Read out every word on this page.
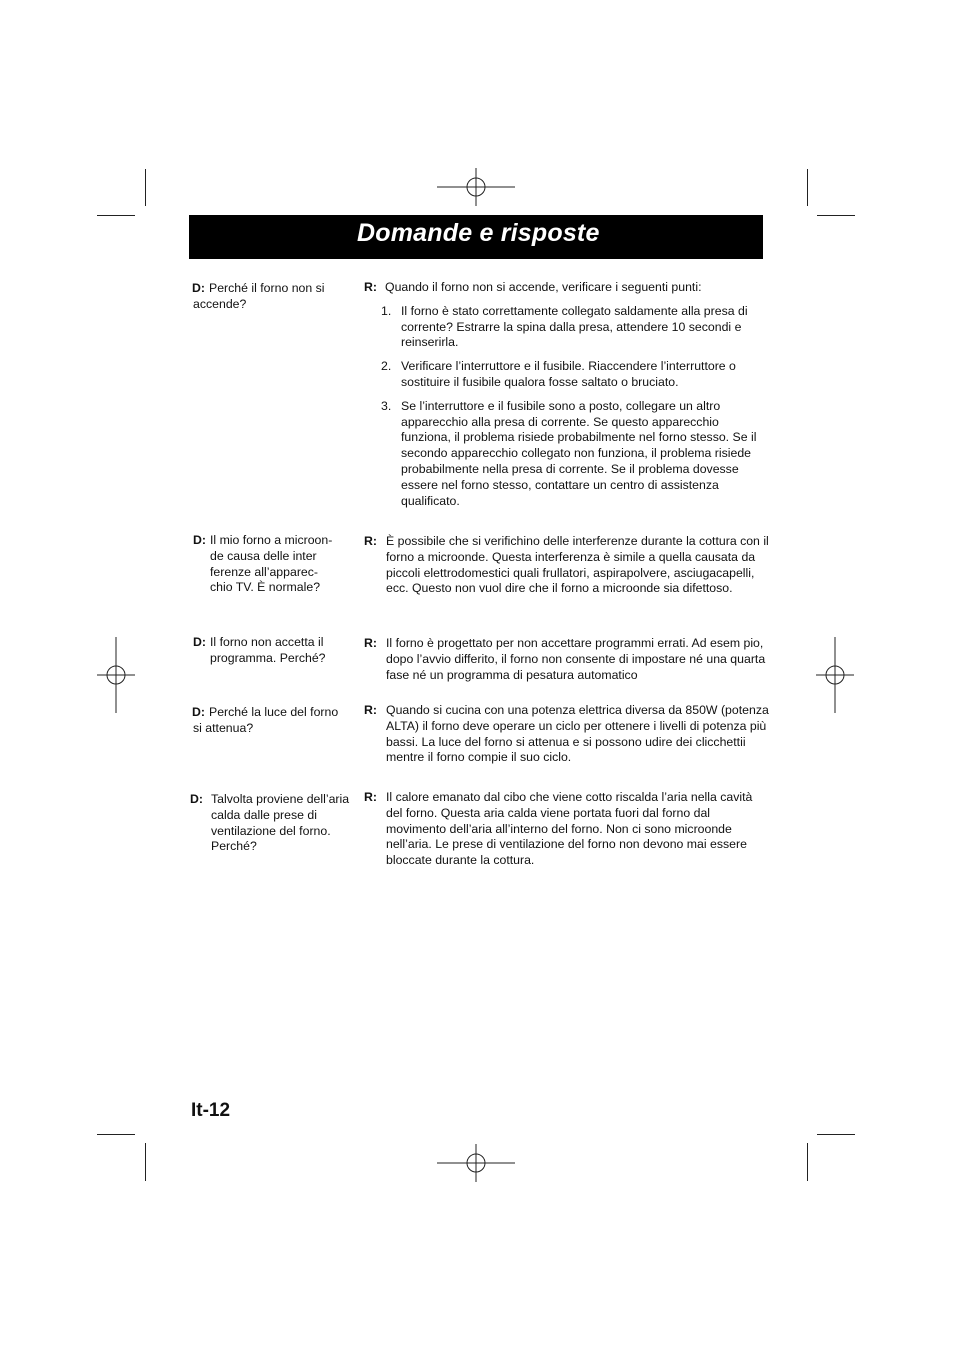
Domande e risposte
D: Perché il forno non si accende?
R: Quando il forno non si accende, verificare i seguenti punti:
1. Il forno è stato correttamente collegato saldamente alla presa di corrente? Estrarre la spina dalla presa, attendere 10 secondi e reinserirla.
2. Verificare l’interruttore e il fusibile. Riaccendere l’interruttore o sostituire il fusibile qualora fosse saltato o bruciato.
3. Se l’interruttore e il fusibile sono a posto, collegare un altro apparecchio alla presa di corrente. Se questo apparecchio funziona, il problema risiede probabilmente nel forno stesso. Se il secondo apparecchio collegato non funziona, il problema risiede probabilmente nella presa di corrente. Se il problema dovesse essere nel forno stesso, contattare un centro di assistenza qualificato.
D: Il mio forno a microon-de causa delle inter ferenze all’apparec-chio TV. È normale?
R: È possibile che si verifichino delle interferenze durante la cottura con il forno a microonde. Questa interferenza è simile a quella causata da piccoli elettrodomestici quali frullatori, aspirapolvere, asciugacapelli, ecc. Questo non vuol dire che il forno a microonde sia difettoso.
D: Il forno non accetta il programma. Perché?
R: Il forno è progettato per non accettare programmi errati. Ad esem pio, dopo l’avvio differito, il forno non consente di impostare né una quarta fase né un programma di pesatura automatico
D: Perché la luce del forno si attenua?
R: Quando si cucina con una potenza elettrica diversa da 850W (potenza ALTA) il forno deve operare un ciclo per ottenere i livelli di potenza più bassi. La luce del forno si attenua e si possono udire dei clicchettii mentre il forno compie il suo ciclo.
D: Talvolta proviene dell’aria calda dalle prese di ventilazione del forno. Perché?
R: Il calore emanato dal cibo che viene cotto riscalda l’aria nella cavità del forno. Questa aria calda viene portata fuori dal forno dal movimento dell’aria all’interno del forno. Non ci sono microonde nell’aria. Le prese di ventilazione del forno non devono mai essere bloccate durante la cottura.
It-12
